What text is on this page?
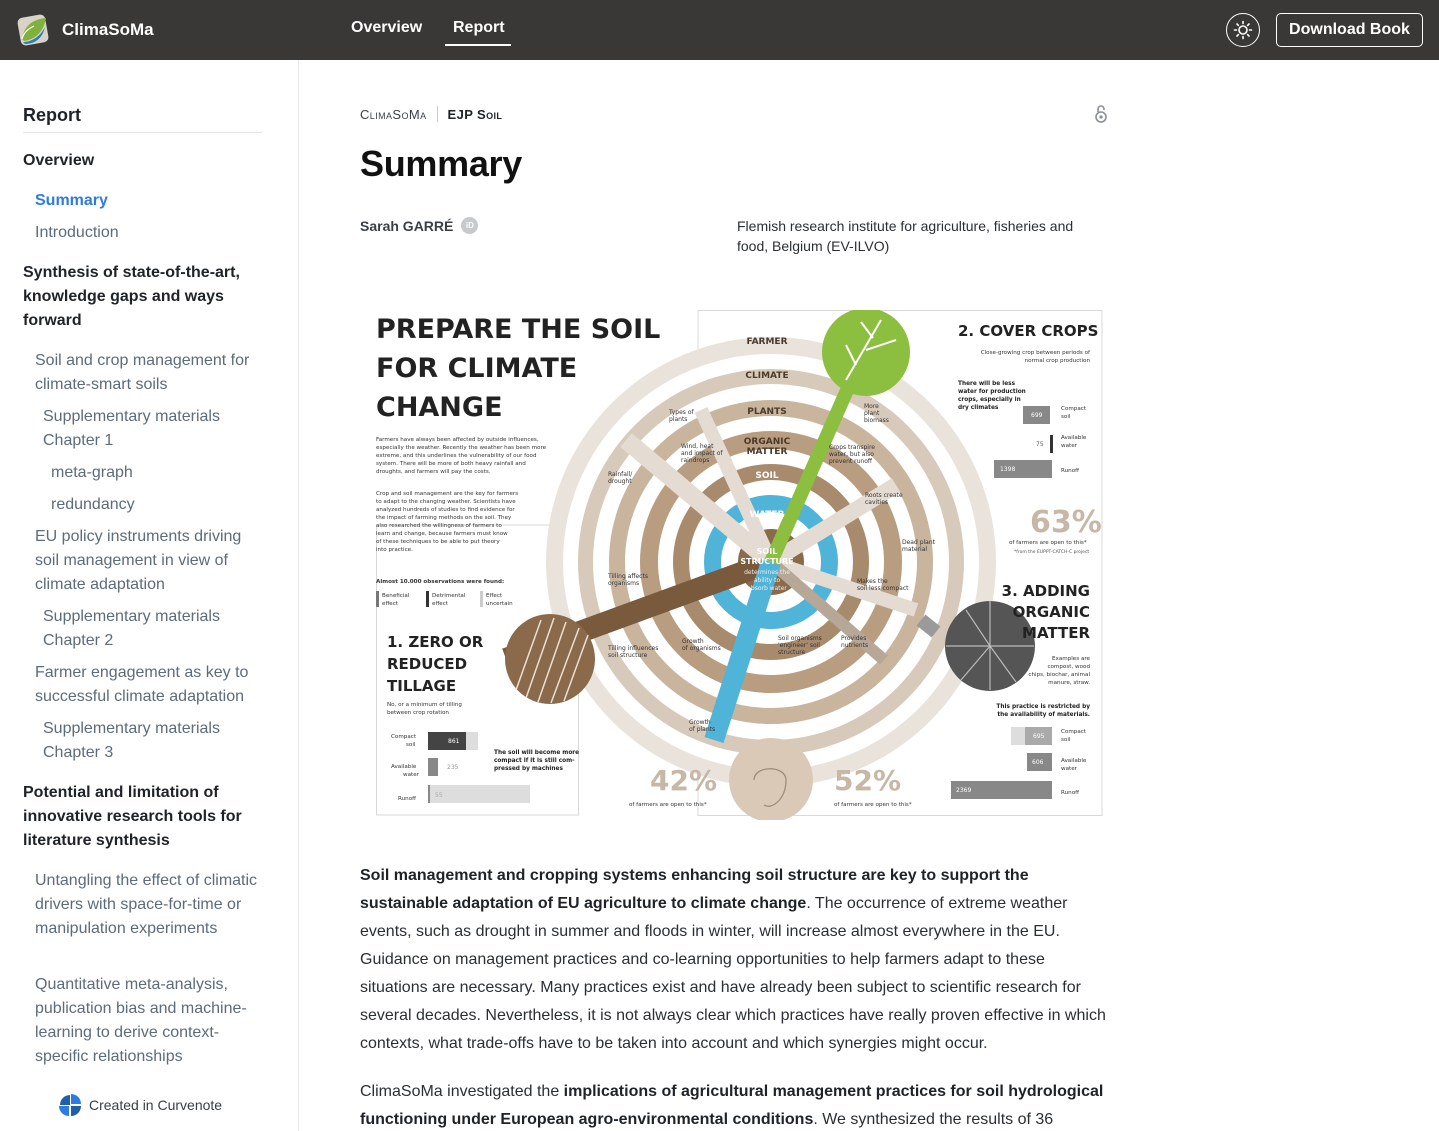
ClimaSoMa	Overview Report	Download Book
Report
Overview
Summary
Introduction
Synthesis of state-of-the-art, knowledge gaps and ways forward
Soil and crop management for climate-smart soils
Supplementary materials Chapter 1
meta-graph
redundancy
EU policy instruments driving soil management in view of climate adaptation
Supplementary materials Chapter 2
Farmer engagement as key to successful climate adaptation
Supplementary materials Chapter 3
Potential and limitation of innovative research tools for literature synthesis
Untangling the effect of climatic drivers with space-for-time or manipulation experiments
Quantitative meta-analysis, publication bias and machine-learning to derive context-specific relationships
Created in Curvenote
ClimaSoMa EJP Soil
Summary
Sarah GARRÉ	iD	Flemish research institute for agriculture, fisheries and food, Belgium (EV-ILVO)
FARMER
CLIMATE
PLANTS
ORGANIC
MATTER
SOIL
LIFE
WATER
SOIL
STRUCTURE
determines the
ability to
absorb water
Types of
plants
Wind, heat
and impact of
raindrops
Rainfall/
drought
More
plant
biomass
Crops transpire
water, but also
prevent runoff
Roots create
cavities
Dead plant
material
Makes the
soil less compact
Provides
nutrients
Soil organisms
'engineer' soil
structure
Growth
of organisms
Growth
of plants
Tilling affects
organisms
Tilling influences
soil structure
PREPARE THE SOIL
FOR CLIMATE
CHANGE
Farmers have always been affected by outside influences,
especially the weather. Recently the weather has been more
extreme, and this underlines the vulnerability of our food
system. There will be more of both heavy rainfall and
droughts, and farmers will pay the costs.
Crop and soil management are the key for farmers
to adapt to the changing weather. Scientists have
analyzed hundreds of studies to find evidence for
the impact of farming methods on the soil. They
also researched the willingness of farmers to
learn and change, because farmers must know
of these techniques to be able to put theory
into practice.
Almost 10.000 observations were found:
Beneficial
effect
Detrimental
effect
Effect
uncertain
1. ZERO OR
REDUCED
TILLAGE
No, or a minimum of tilling
between crop rotation
Compact
soil
Available
water
Runoff
861
235
55
The soil will become more
compact if it is still com-
pressed by machines	42%
of farmers are open to this*
2. COVER CROPS
Close-growing crop between periods of
normal crop production
There will be less
water for production
crops, especially in
dry climates
699
75
1398
Compact
soil
Available
water
Runoff
63%
of farmers are open to this*
*from the EUPPT-CATCH-C project
3. ADDING
ORGANIC
MATTER
Examples are
compost, wood
chips, biochar, animal
manure, straw.
This practice is restricted by
the availability of materials.
695
606
2369
Compact
soil
Available
water
Runoff
52%
of farmers are open to this*

Soil management and cropping systems enhancing soil structure are key to support the sustainable adaptation of EU agriculture to climate change. The occurrence of extreme weather events, such as drought in summer and floods in winter, will increase almost everywhere in the EU. Guidance on management practices and co-learning opportunities to help farmers adapt to these situations are necessary. Many practices exist and have already been subject to scientific research for several decades. Nevertheless, it is not always clear which practices have really proven effective in which contexts, what trade-offs have to be taken into account and which synergies might occur.

ClimaSoMa investigated the implications of agricultural management practices for soil hydrological functioning under European agro-environmental conditions. We synthesized the results of 36
